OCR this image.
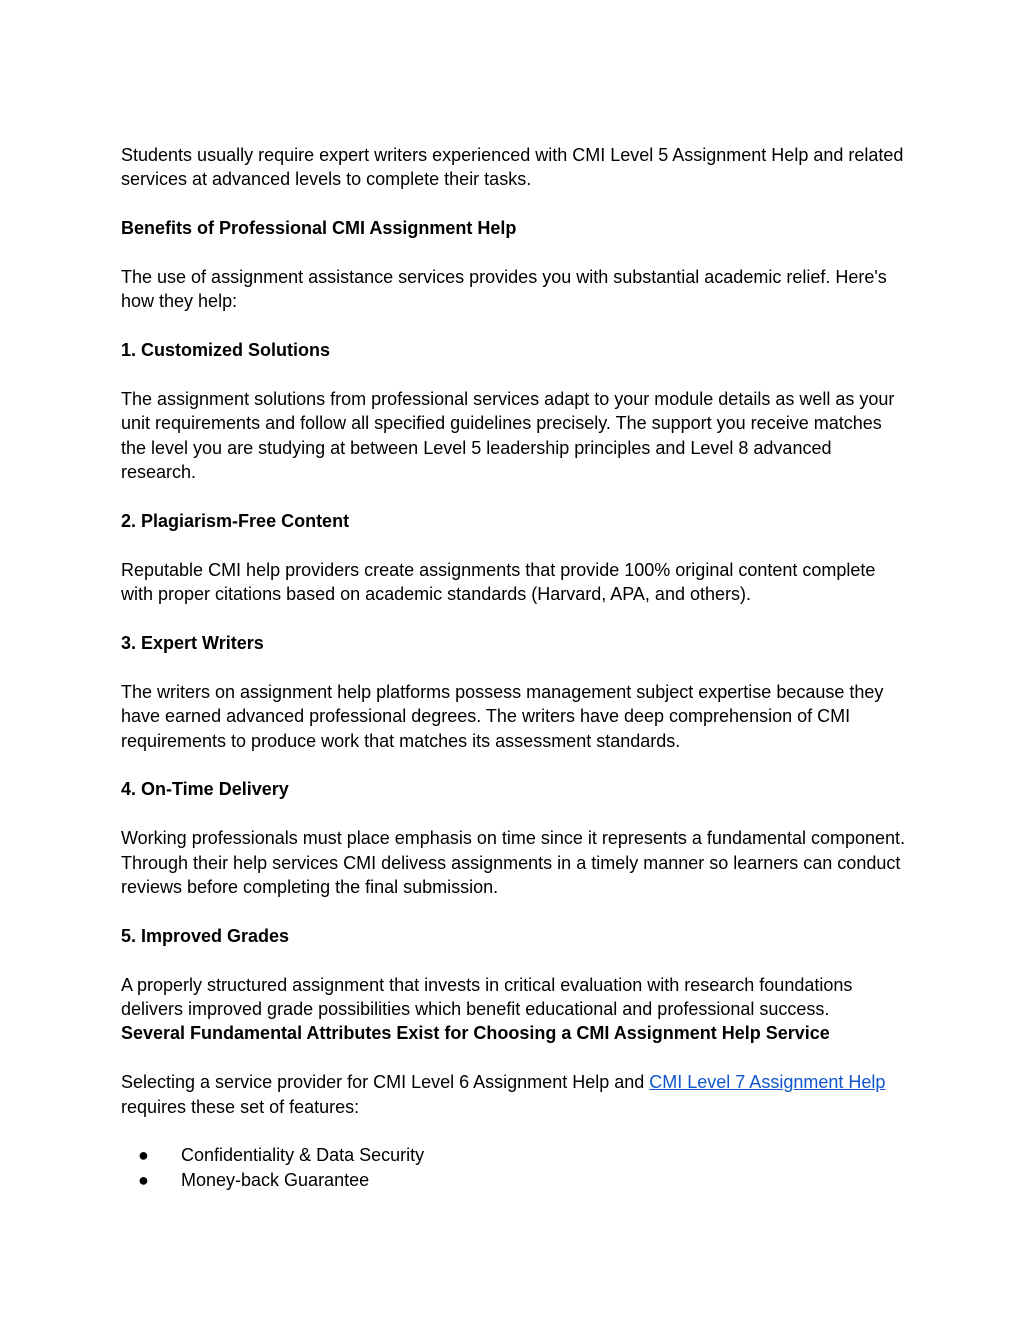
Students usually require expert writers experienced with CMI Level 5 Assignment Help and related services at advanced levels to complete their tasks.

Benefits of Professional CMI Assignment Help

The use of assignment assistance services provides you with substantial academic relief. Here's how they help:

1. Customized Solutions

The assignment solutions from professional services adapt to your module details as well as your unit requirements and follow all specified guidelines precisely. The support you receive matches the level you are studying at between Level 5 leadership principles and Level 8 advanced research.

2. Plagiarism-Free Content

Reputable CMI help providers create assignments that provide 100% original content complete with proper citations based on academic standards (Harvard, APA, and others).

3. Expert Writers

The writers on assignment help platforms possess management subject expertise because they have earned advanced professional degrees. The writers have deep comprehension of CMI requirements to produce work that matches its assessment standards.

4. On-Time Delivery

Working professionals must place emphasis on time since it represents a fundamental component. Through their help services CMI delivess assignments in a timely manner so learners can conduct reviews before completing the final submission.

5. Improved Grades

A properly structured assignment that invests in critical evaluation with research foundations delivers improved grade possibilities which benefit educational and professional success.

Several Fundamental Attributes Exist for Choosing a CMI Assignment Help Service

Selecting a service provider for CMI Level 6 Assignment Help and CMI Level 7 Assignment Help requires these set of features:

● Confidentiality & Data Security
● Money-back Guarantee
